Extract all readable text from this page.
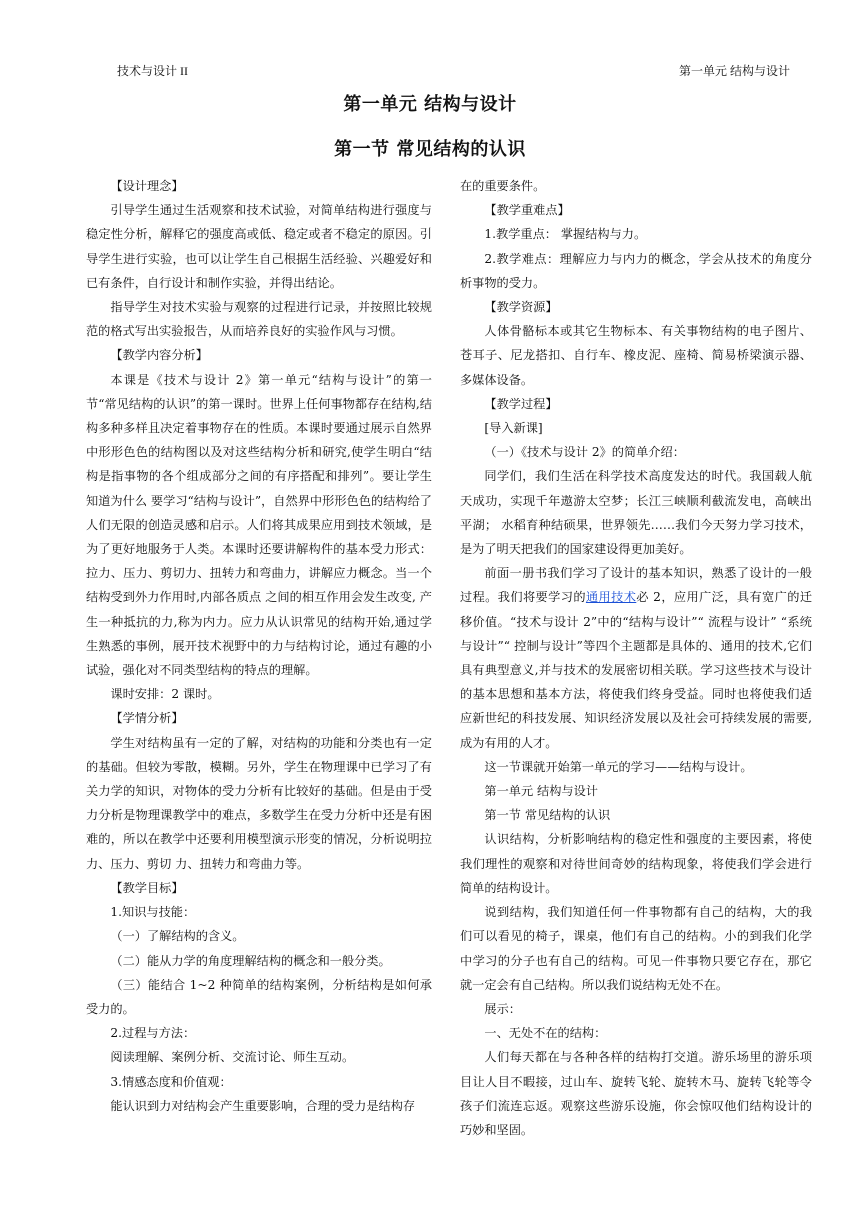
技术与设计 II	第一单元 结构与设计
第一单元 结构与设计
第一节 常见结构的认识

【设计理念】

引导学生通过生活观察和技术试验，对简单结构进行强度与稳定性分析，解释它的强度高或低、稳定或者不稳定的原因。引导学生进行实验，也可以让学生自己根据生活经验、兴趣爱好和已有条件，自行设计和制作实验，并得出结论。

指导学生对技术实验与观察的过程进行记录，并按照比较规范的格式写出实验报告，从而培养良好的实验作风与习惯。

【教学内容分析】

本课是《技术与设计 2》第一单元“结构与设计”的第一节“常见结构的认识”的第一课时。世界上任何事物都存在结构,结构多种多样且决定着事物存在的性质。本课时要通过展示自然界中形形色色的结构图以及对这些结构分析和研究,使学生明白“结构是指事物的各个组成部分之间的有序搭配和排列”。要让学生知道为什么 要学习“结构与设计”，自然界中形形色色的结构给了人们无限的创造灵感和启示。人们将其成果应用到技术领域，是为了更好地服务于人类。本课时还要讲解构件的基本受力形式：拉力、压力、剪切力、扭转力和弯曲力，讲解应力概念。当一个结构受到外力作用时,内部各质点 之间的相互作用会发生改变, 产生一种抵抗的力,称为内力。应力从认识常见的结构开始,通过学生熟悉的事例，展开技术视野中的力与结构讨论，通过有趣的小试验，强化对不同类型结构的特点的理解。

课时安排：2 课时。

【学情分析】

学生对结构虽有一定的了解，对结构的功能和分类也有一定的基础。但较为零散，模糊。另外，学生在物理课中已学习了有关力学的知识，对物体的受力分析有比较好的基础。但是由于受力分析是物理课教学中的难点，多数学生在受力分析中还是有困难的，所以在教学中还要利用模型演示形变的情况，分析说明拉力、压力、剪切 力、扭转力和弯曲力等。

【教学目标】

1.知识与技能：

（一）了解结构的含义。

（二）能从力学的角度理解结构的概念和一般分类。

（三）能结合 1~2 种简单的结构案例，分析结构是如何承受力的。

2.过程与方法：

阅读理解、案例分析、交流讨论、师生互动。

3.情感态度和价值观：

能认识到力对结构会产生重要影响，合理的受力是结构存

在的重要条件。

【教学重难点】

1.教学重点： 掌握结构与力。

2.教学难点：理解应力与内力的概念，学会从技术的角度分析事物的受力。

【教学资源】

人体骨骼标本或其它生物标本、有关事物结构的电子图片、苍耳子、尼龙搭扣、自行车、橡皮泥、座椅、简易桥梁演示器、多媒体设备。

【教学过程】

[导入新课]

（一）《技术与设计 2》的简单介绍：

同学们，我们生活在科学技术高度发达的时代。我国载人航天成功，实现千年遨游太空梦；长江三峡顺利截流发电，高峡出平湖； 水稻育种结硕果，世界领先……我们今天努力学习技术，是为了明天把我们的国家建设得更加美好。

前面一册书我们学习了设计的基本知识，熟悉了设计的一般过程。我们将要学习的通用技术必 2，应用广泛，具有宽广的迁移价值。“技术与设计 2”中的“结构与设计”“ 流程与设计” “系统与设计”“ 控制与设计”等四个主题都是具体的、通用的技术,它们具有典型意义,并与技术的发展密切相关联。学习这些技术与设计的基本思想和基本方法，将使我们终身受益。同时也将使我们适应新世纪的科技发展、知识经济发展以及社会可持续发展的需要,成为有用的人才。

这一节课就开始第一单元的学习——结构与设计。

第一单元 结构与设计

第一节 常见结构的认识

认识结构，分析影响结构的稳定性和强度的主要因素，将使我们理性的观察和对待世间奇妙的结构现象，将使我们学会进行简单的结构设计。

说到结构，我们知道任何一件事物都有自己的结构，大的我们可以看见的椅子，课桌，他们有自己的结构。小的到我们化学中学习的分子也有自己的结构。可见一件事物只要它存在，那它就一定会有自己结构。所以我们说结构无处不在。

展示：

一、无处不在的结构：

人们每天都在与各种各样的结构打交道。游乐场里的游乐项目让人目不暇接，过山车、旋转飞轮、旋转木马、旋转飞轮等令孩子们流连忘返。观察这些游乐设施，你会惊叹他们结构设计的巧妙和坚固。
